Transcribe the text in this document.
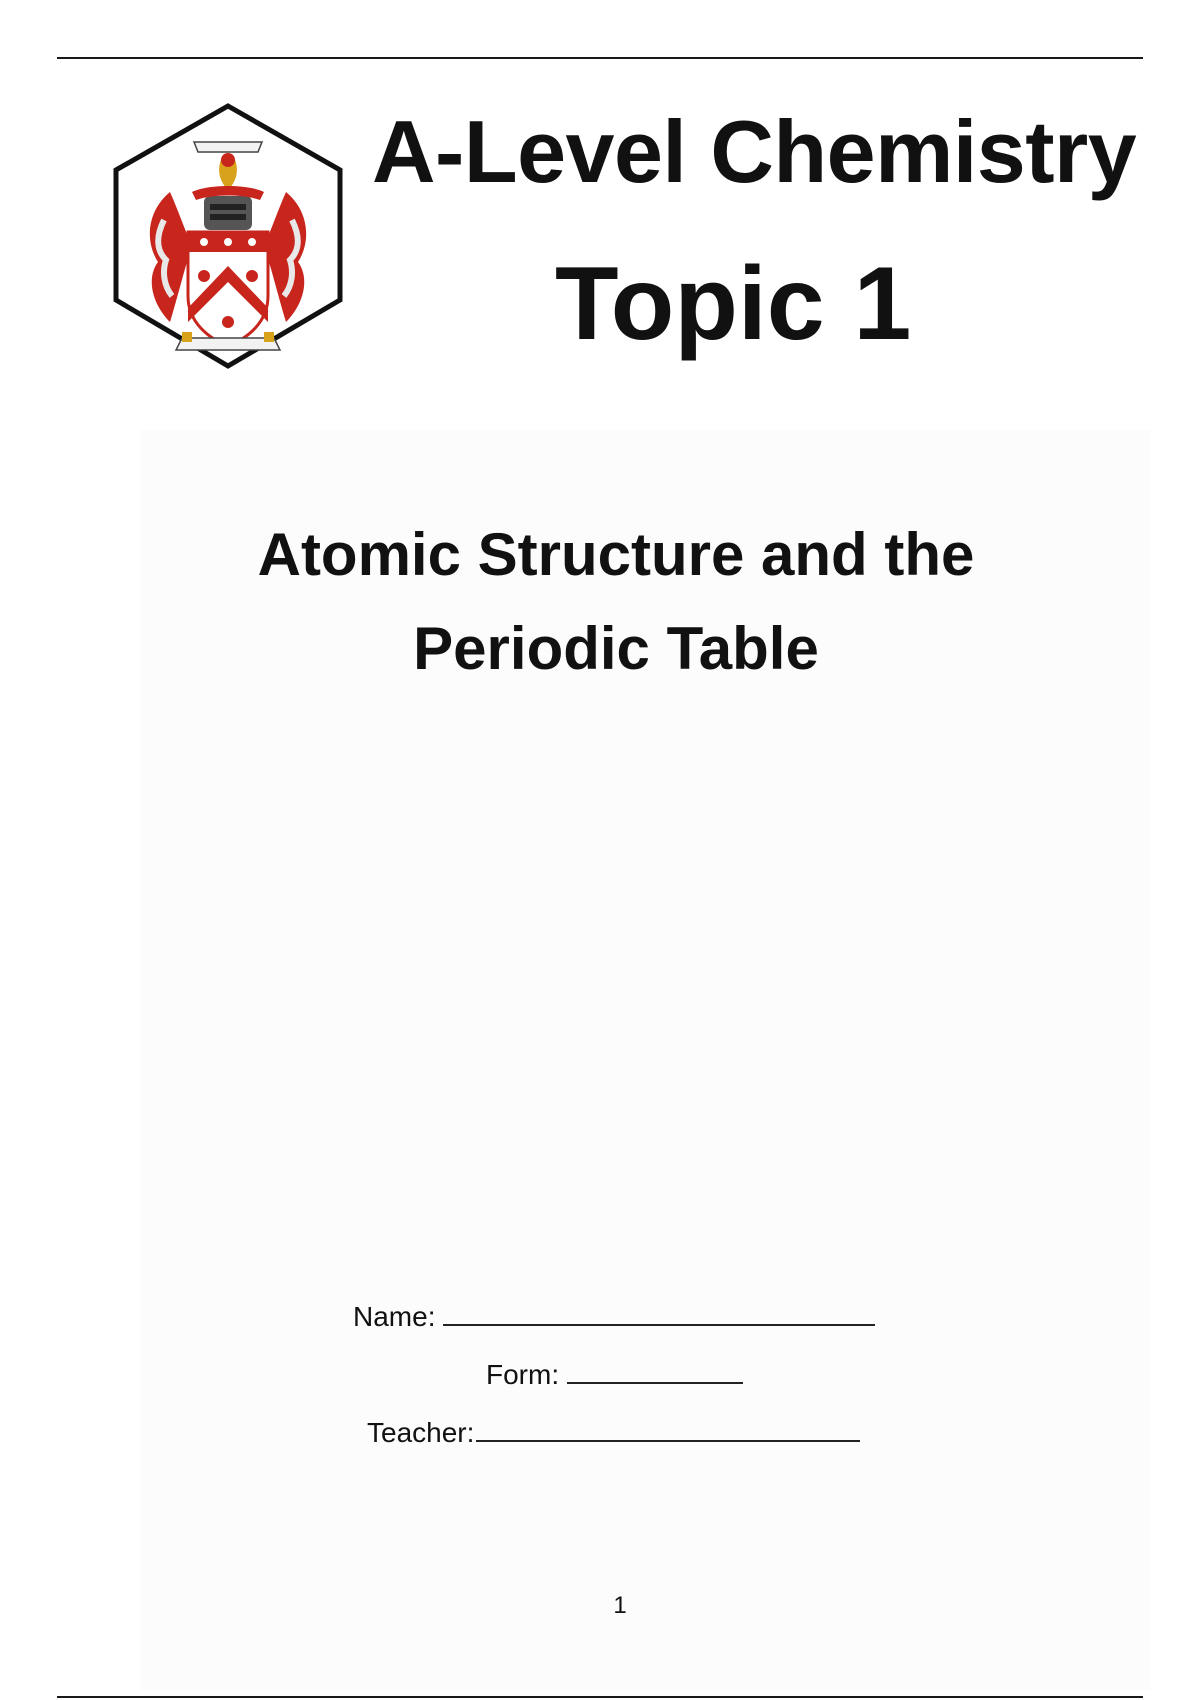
A-Level Chemistry
Topic 1
Atomic Structure and the
Periodic Table
Name:
Form:
Teacher:
1
